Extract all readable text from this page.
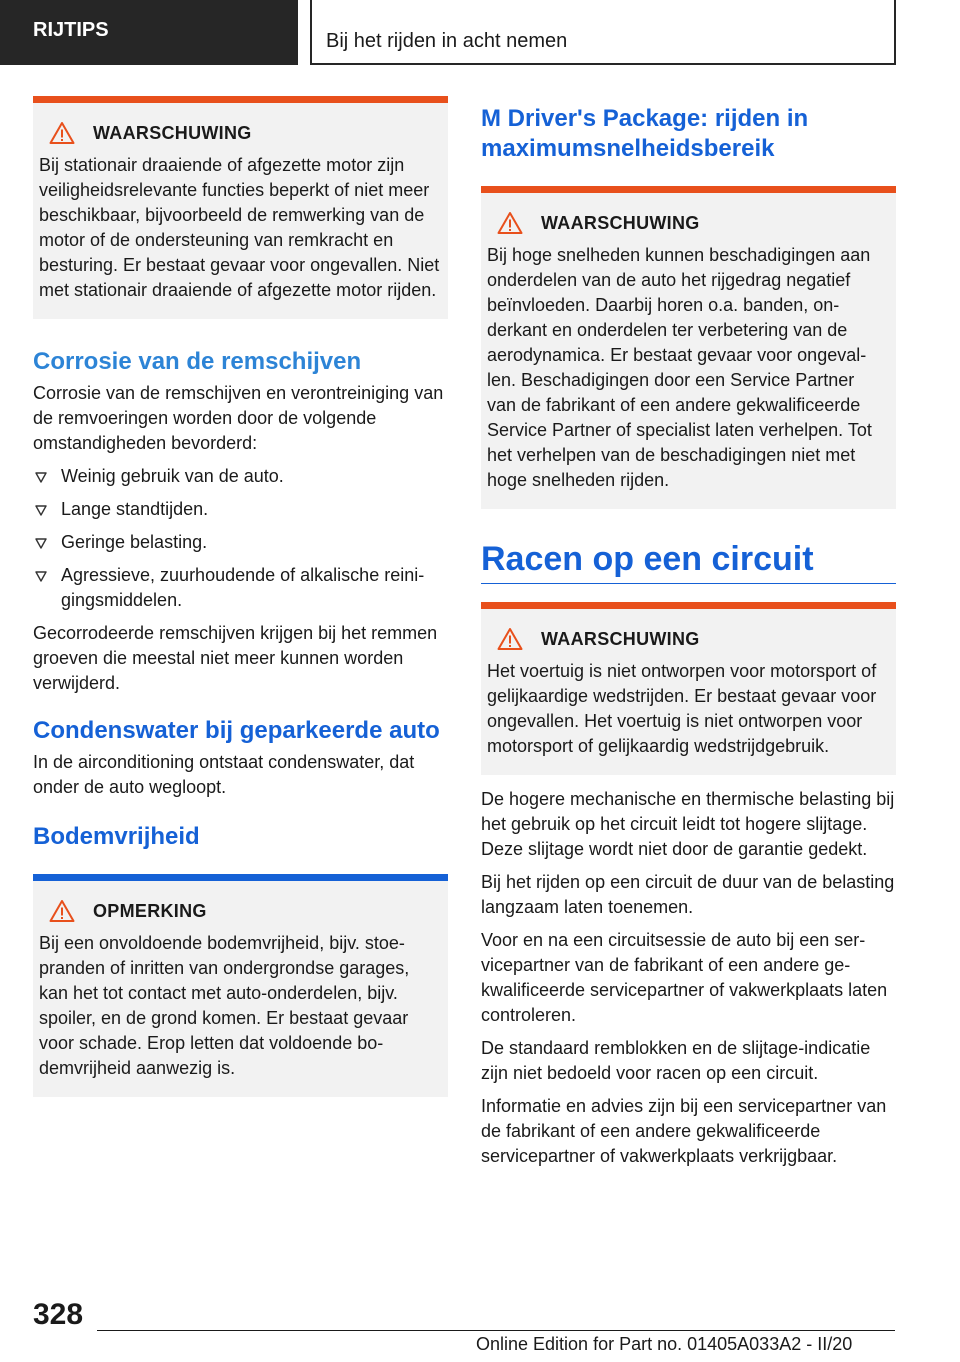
RIJTIPS	Bij het rijden in acht nemen
WAARSCHUWING

Bij stationair draaiende of afgezette motor zijn veiligheidsrelevante functies beperkt of niet meer beschikbaar, bijvoorbeeld de remwerking van de motor of de ondersteuning van remkracht en besturing. Er bestaat gevaar voor ongevallen. Niet met stationair draaiende of afgezette motor rijden.

Corrosie van de remschijven

Corrosie van de remschijven en verontreiniging van de remvoeringen worden door de volgende omstandigheden bevorderd:

Weinig gebruik van de auto.
Lange standtijden.
Geringe belasting.
Agressieve, zuurhoudende of alkalische reinigingsmiddelen.

Gecorrodeerde remschijven krijgen bij het remmen groeven die meestal niet meer kunnen worden verwijderd.

Condenswater bij geparkeerde auto

In de airconditioning ontstaat condenswater, dat onder de auto wegloopt.

Bodemvrijheid
OPMERKING

Bij een onvoldoende bodemvrijheid, bijv. stoepranden of inritten van ondergrondse garages, kan het tot contact met auto-onderdelen, bijv. spoiler, en de grond komen. Er bestaat gevaar voor schade. Erop letten dat voldoende bodemvrijheid aanwezig is.

M Driver's Package: rijden in maximumsnelheidsbereik
WAARSCHUWING

Bij hoge snelheden kunnen beschadigingen aan onderdelen van de auto het rijgedrag negatief beïnvloeden. Daarbij horen o.a. banden, onderkant en onderdelen ter verbetering van de aerodynamica. Er bestaat gevaar voor ongevallen. Beschadigingen door een Service Partner van de fabrikant of een andere gekwalificeerde Service Partner of specialist laten verhelpen. Tot het verhelpen van de beschadigingen niet met hoge snelheden rijden.

Racen op een circuit
WAARSCHUWING

Het voertuig is niet ontworpen voor motorsport of gelijkaardige wedstrijden. Er bestaat gevaar voor ongevallen. Het voertuig is niet ontworpen voor motorsport of gelijkaardig wedstrijdgebruik.

De hogere mechanische en thermische belasting bij het gebruik op het circuit leidt tot hogere slijtage. Deze slijtage wordt niet door de garantie gedekt.

Bij het rijden op een circuit de duur van de belasting langzaam laten toenemen.

Voor en na een circuitsessie de auto bij een servicepartner van de fabrikant of een andere gekwalificeerde servicepartner of vakwerkplaats laten controleren.

De standaard remblokken en de slijtage-indicatie zijn niet bedoeld voor racen op een circuit.

Informatie en advies zijn bij een servicepartner van de fabrikant of een andere gekwalificeerde servicepartner of vakwerkplaats verkrijgbaar.

328
Online Edition for Part no. 01405A033A2 - II/20
